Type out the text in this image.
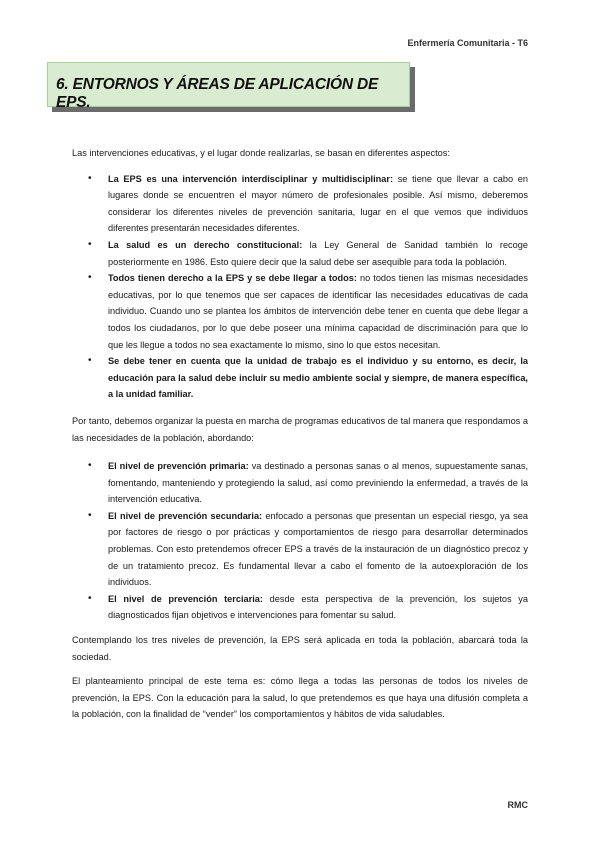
Enfermería Comunitaria - T6
6. ENTORNOS Y ÁREAS DE APLICACIÓN DE EPS.

Las intervenciones educativas, y el lugar donde realizarlas, se basan en diferentes aspectos:

• La EPS es una intervención interdisciplinar y multidisciplinar: se tiene que llevar a cabo en lugares donde se encuentren el mayor número de profesionales posible. Así mismo, deberemos considerar los diferentes niveles de prevención sanitaria, lugar en el que vemos que individuos diferentes presentarán necesidades diferentes.
• La salud es un derecho constitucional: la Ley General de Sanidad también lo recoge posteriormente en 1986. Esto quiere decir que la salud debe ser asequible para toda la población.
• Todos tienen derecho a la EPS y se debe llegar a todos: no todos tienen las mismas necesidades educativas, por lo que tenemos que ser capaces de identificar las necesidades educativas de cada individuo. Cuando uno se plantea los ámbitos de intervención debe tener en cuenta que debe llegar a todos los ciudadanos, por lo que debe poseer una mínima capacidad de discriminación para que lo que les llegue a todos no sea exactamente lo mismo, sino lo que estos necesitan.
• Se debe tener en cuenta que la unidad de trabajo es el individuo y su entorno, es decir, la educación para la salud debe incluir su medio ambiente social y siempre, de manera específica, a la unidad familiar.

Por tanto, debemos organizar la puesta en marcha de programas educativos de tal manera que respondamos a las necesidades de la población, abordando:

• El nivel de prevención primaria: va destinado a personas sanas o al menos, supuestamente sanas, fomentando, manteniendo y protegiendo la salud, así como previniendo la enfermedad, a través de la intervención educativa.
• El nivel de prevención secundaria: enfocado a personas que presentan un especial riesgo, ya sea por factores de riesgo o por prácticas y comportamientos de riesgo para desarrollar determinados problemas. Con esto pretendemos ofrecer EPS a través de la instauración de un diagnóstico precoz y de un tratamiento precoz. Es fundamental llevar a cabo el fomento de la autoexploración de los individuos.
• El nivel de prevención terciaria: desde esta perspectiva de la prevención, los sujetos ya diagnosticados fijan objetivos e intervenciones para fomentar su salud.

Contemplando los tres niveles de prevención, la EPS será aplicada en toda la población, abarcará toda la sociedad.

El planteamiento principal de este tema es: cómo llega a todas las personas de todos los niveles de prevención, la EPS. Con la educación para la salud, lo que pretendemos es que haya una difusión completa a la población, con la finalidad de “vender” los comportamientos y hábitos de vida saludables.

RMC
